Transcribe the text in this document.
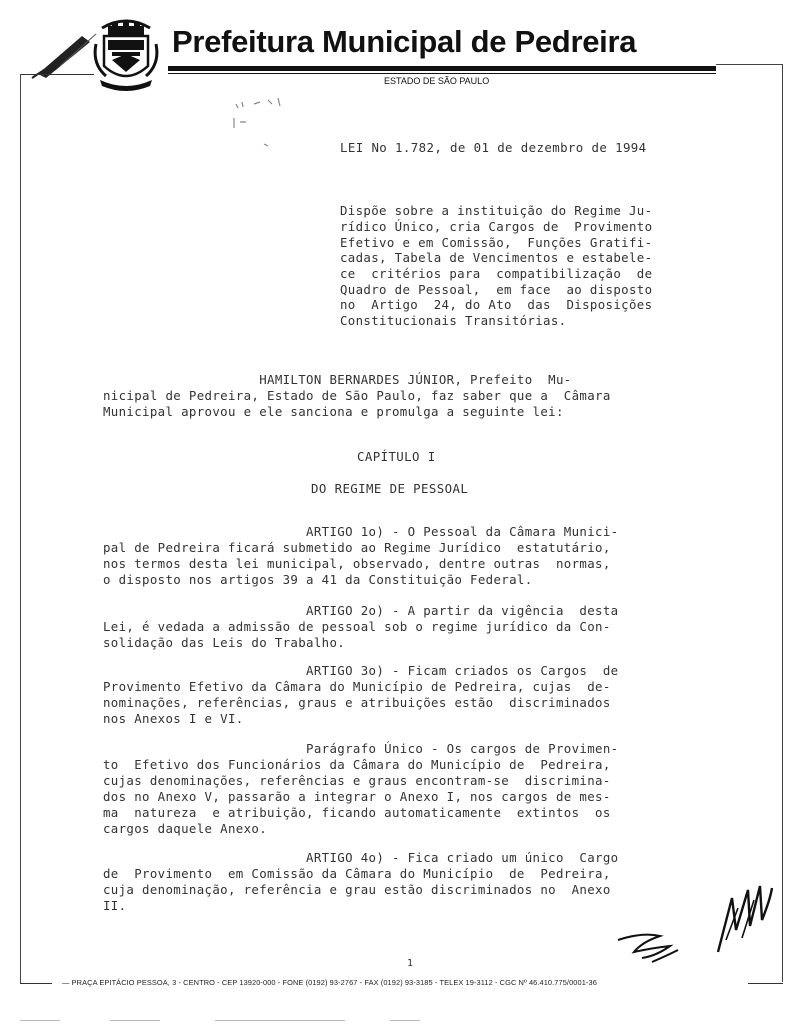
Prefeitura Municipal de Pedreira
ESTADO DE SÃO PAULO
LEI No 1.782, de 01 de dezembro de 1994
Dispõe sobre a instituição do Regime Ju-
rídico Único, cria Cargos de  Provimento
Efetivo e em Comissão,  Funções Gratifi-
cadas, Tabela de Vencimentos e estabele-
ce  critérios para  compatibilização  de
Quadro de Pessoal,  em face  ao disposto
no  Artigo  24, do Ato  das  Disposições
Constitucionais Transitórias.
HAMILTON BERNARDES JÚNIOR, Prefeito  Mu-
nicipal de Pedreira, Estado de São Paulo, faz saber que a  Câmara
Municipal aprovou e ele sanciona e promulga a seguinte lei:
CAPÍTULO I
DO REGIME DE PESSOAL
ARTIGO 1o) - O Pessoal da Câmara Munici-
pal de Pedreira ficará submetido ao Regime Jurídico  estatutário,
nos termos desta lei municipal, observado, dentre outras  normas,
o disposto nos artigos 39 a 41 da Constituição Federal.
ARTIGO 2o) - A partir da vigência  desta
Lei, é vedada a admissão de pessoal sob o regime jurídico da Con-
solidação das Leis do Trabalho.
ARTIGO 3o) - Ficam criados os Cargos  de
Provimento Efetivo da Câmara do Município de Pedreira, cujas  de-
nominações, referências, graus e atribuições estão  discriminados
nos Anexos I e VI.
Parágrafo Único - Os cargos de Provimen-
to  Efetivo dos Funcionários da Câmara do Município de  Pedreira,
cujas denominações, referências e graus encontram-se  discrimina-
dos no Anexo V, passarão a integrar o Anexo I, nos cargos de mes-
ma  natureza  e atribuição, ficando automaticamente  extintos  os
cargos daquele Anexo.
ARTIGO 4o) - Fica criado um único  Cargo
de  Provimento  em Comissão da Câmara do Município  de  Pedreira,
cuja denominação, referência e grau estão discriminados no  Anexo
II.
1
— PRAÇA EPITÁCIO PESSOA, 3 - CENTRO - CEP 13920-000 - FONE (0192) 93-2767 - FAX (0192) 93-3185 - TELEX 19-3112 - CGC Nº 46.410.775/0001-36
